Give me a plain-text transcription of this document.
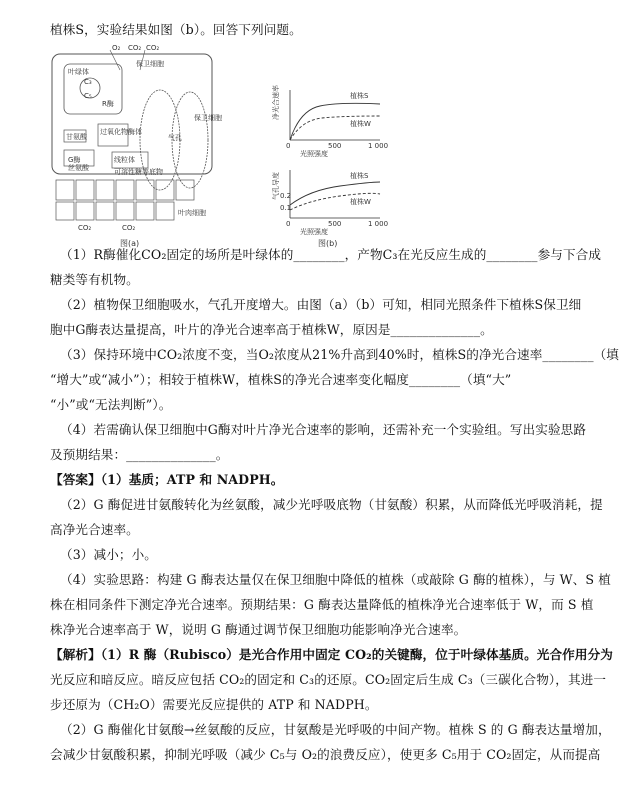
植株S，实验结果如图（b）。回答下列问题。
O₂ CO₂ CO₂
叶绿体
C₃
C₅
R酶
保卫细胞
气孔
保卫细胞
甘氨酸
过氧化物酶体
G酶
丝氨酸
线粒体
可溶性糖等底物
CO₂	CO₂
叶肉细胞
图(a)
植株S
植株W
净光合速率
0	500	1 000
光照强度
植株S
植株W
气孔导度 0.2
0.1
0	500	1 000
光照强度
图(b)
（1）R酶催化CO₂固定的场所是叶绿体的________，产物C₃在光反应生成的________参与下合成
糖类等有机物。
（2）植物保卫细胞吸水，气孔开度增大。由图（a）（b）可知，相同光照条件下植株S保卫细
胞中G酶表达量提高，叶片的净光合速率高于植株W，原因是______________。
（3）保持环境中CO₂浓度不变，当O₂浓度从21%升高到40%时，植株S的净光合速率________（填
“增大”或“减小”）；相较于植株W，植株S的净光合速率变化幅度________（填“大”
“小”或“无法判断”）。
（4）若需确认保卫细胞中G酶对叶片净光合速率的影响，还需补充一个实验组。写出实验思路
及预期结果：______________。
【答案】（1）基质；ATP 和 NADPH。
（2）G 酶促进甘氨酸转化为丝氨酸，减少光呼吸底物（甘氨酸）积累，从而降低光呼吸消耗，提
高净光合速率。
（3）减小；小。
（4）实验思路：构建 G 酶表达量仅在保卫细胞中降低的植株（或敲除 G 酶的植株），与 W、S 植
株在相同条件下测定净光合速率。预期结果：G 酶表达量降低的植株净光合速率低于 W，而 S 植
株净光合速率高于 W，说明 G 酶通过调节保卫细胞功能影响净光合速率。
【解析】（1）R 酶（Rubisco）是光合作用中固定 CO₂的关键酶，位于叶绿体基质。光合作用分为
光反应和暗反应。暗反应包括 CO₂的固定和 C₃的还原。CO₂固定后生成 C₃（三碳化合物），其进一
步还原为（CH₂O）需要光反应提供的 ATP 和 NADPH。
（2）G 酶催化甘氨酸→丝氨酸的反应，甘氨酸是光呼吸的中间产物。植株 S 的 G 酶表达量增加，
会减少甘氨酸积累，抑制光呼吸（减少 C₅与 O₂的浪费反应），使更多 C₅用于 CO₂固定，从而提高
